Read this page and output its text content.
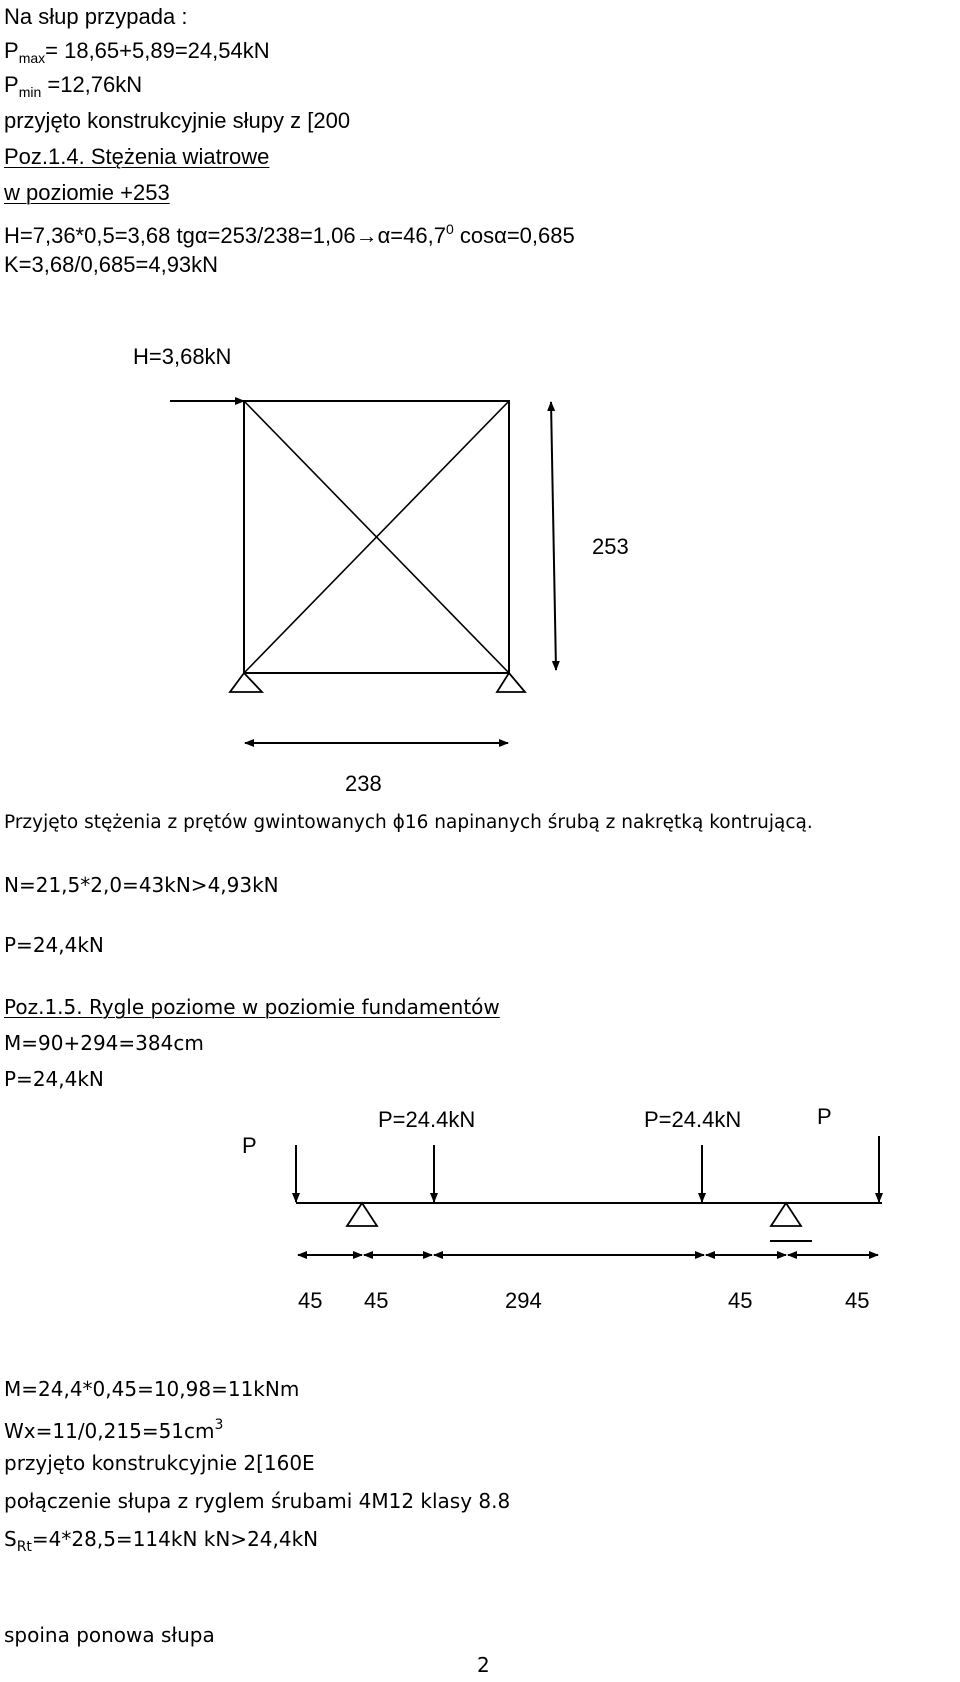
Na słup przypada :

$P_{max}= 18,65+5,89=24,54kN$

$P_{min} =12,76kN$

przyjęto konstrukcyjnie słupy z [200

Poz.1.4. Stężenia wiatrowe

w poziomie +253

H=7,36*0,5=3,68 $tg\alpha=253/238=1,06\to\alpha=46,7^0$ cosα=0,685

K=3,68/0,685=4,93kN

H=3,68kN
253
238

Przyjęto stężenia z prętów gwintowanych ɸ16 napinanych śrubą z nakrętką kontrującą.

N=21,5*2,0=43kN>4,93kN

P=24,4kN

Poz.1.5. Rygle poziome w poziomie fundamentów

M=90+294=384cm

P=24,4kN

P
P=24.4kN	P=24.4kN	P
45 45	294	45	45

M=24,4*0,45=10,98=11kNm

$Wx=11/0,215=51cm^3$

przyjęto konstrukcyjnie 2[160E

połączenie słupa z ryglem śrubami 4M12 klasy 8.8

$S_{Rt}=4*28,5=114kN$ kN>24,4kN

spoina ponowa słupa

2
